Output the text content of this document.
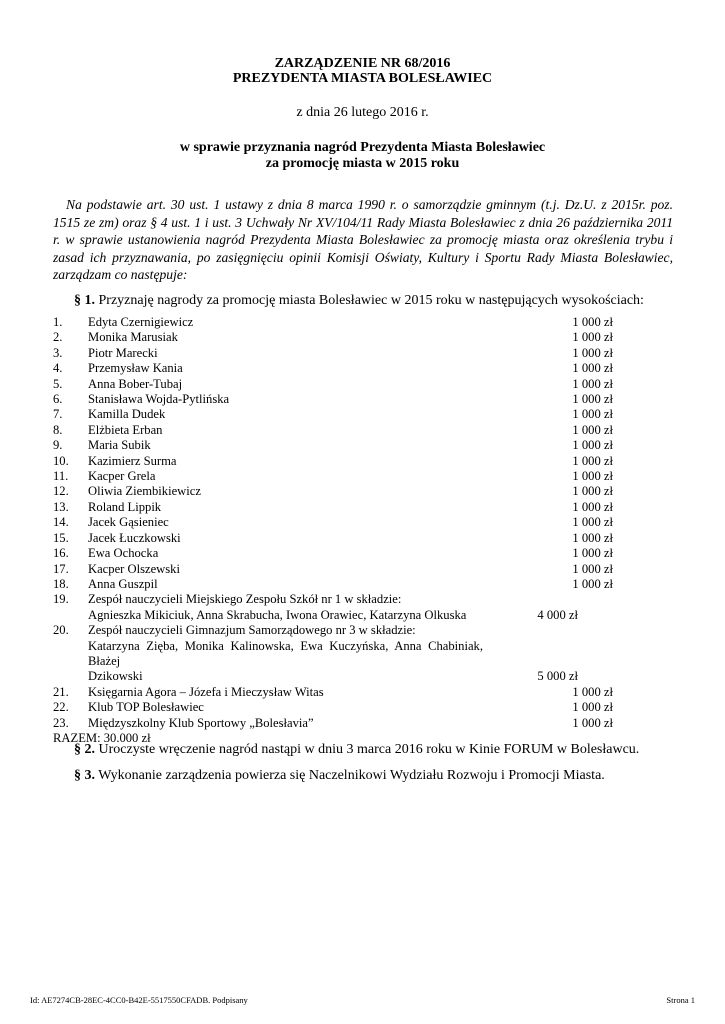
ZARZĄDZENIE NR 68/2016
PREZYDENTA MIASTA BOLESŁAWIEC
z dnia 26 lutego 2016 r.
w sprawie przyznania nagród Prezydenta Miasta Bolesławiec
za promocję miasta w 2015 roku

Na podstawie art. 30 ust. 1 ustawy z dnia 8 marca 1990 r. o samorządzie gminnym (t.j. Dz.U. z 2015r. poz. 1515 ze zm) oraz § 4 ust. 1 i ust. 3 Uchwały Nr XV/104/11 Rady Miasta Bolesławiec z dnia 26 października 2011 r. w sprawie ustanowienia nagród Prezydenta Miasta Bolesławiec za promocję miasta oraz określenia trybu i zasad ich przyznawania, po zasięgnięciu opinii Komisji Oświaty, Kultury i Sportu Rady Miasta Bolesławiec, zarządzam co następuje:

§ 1. Przyznaję nagrody za promocję miasta Bolesławiec w 2015 roku w następujących wysokościach:

1.	Edyta Czernigiewicz	1 000 zł
2.	Monika Marusiak	1 000 zł
3.	Piotr Marecki	1 000 zł
4.	Przemysław Kania	1 000 zł
5.	Anna Bober-Tubaj	1 000 zł
6.	Stanisława Wojda-Pytlińska	1 000 zł
7.	Kamilla Dudek	1 000 zł
8.	Elżbieta Erban	1 000 zł
9.	Maria Subik	1 000 zł
10.	Kazimierz Surma	1 000 zł
11.	Kacper Grela	1 000 zł
12.	Oliwia Ziembikiewicz	1 000 zł
13.	Roland Lippik	1 000 zł
14.	Jacek Gąsieniec	1 000 zł
15.	Jacek Łuczkowski	1 000 zł
16.	Ewa Ochocka	1 000 zł
17.	Kacper Olszewski	1 000 zł
18.	Anna Guszpil	1 000 zł
19.	Zespół nauczycieli Miejskiego Zespołu Szkół nr 1 w składzie:
Agnieszka Mikiciuk, Anna Skrabucha, Iwona Orawiec, Katarzyna Olkuska	4 000 zł
20.	Zespół nauczycieli Gimnazjum Samorządowego nr 3 w składzie:
Katarzyna Zięba, Monika Kalinowska, Ewa Kuczyńska, Anna Chabiniak, Błażej
Dzikowski	5 000 zł
21.	Księgarnia Agora – Józefa i Mieczysław Witas	1 000 zł
22.	Klub TOP Bolesławiec	1 000 zł
23.	Międzyszkolny Klub Sportowy „Bolesłavia”	1 000 zł
RAZEM: 30.000 zł

§ 2. Uroczyste wręczenie nagród nastąpi w dniu 3 marca 2016 roku w Kinie FORUM w Bolesławcu.

§ 3. Wykonanie zarządzenia powierza się Naczelnikowi Wydziału Rozwoju i Promocji Miasta.

Id: AE7274CB-28EC-4CC0-B42E-5517550CFADB. Podpisany	Strona 1
